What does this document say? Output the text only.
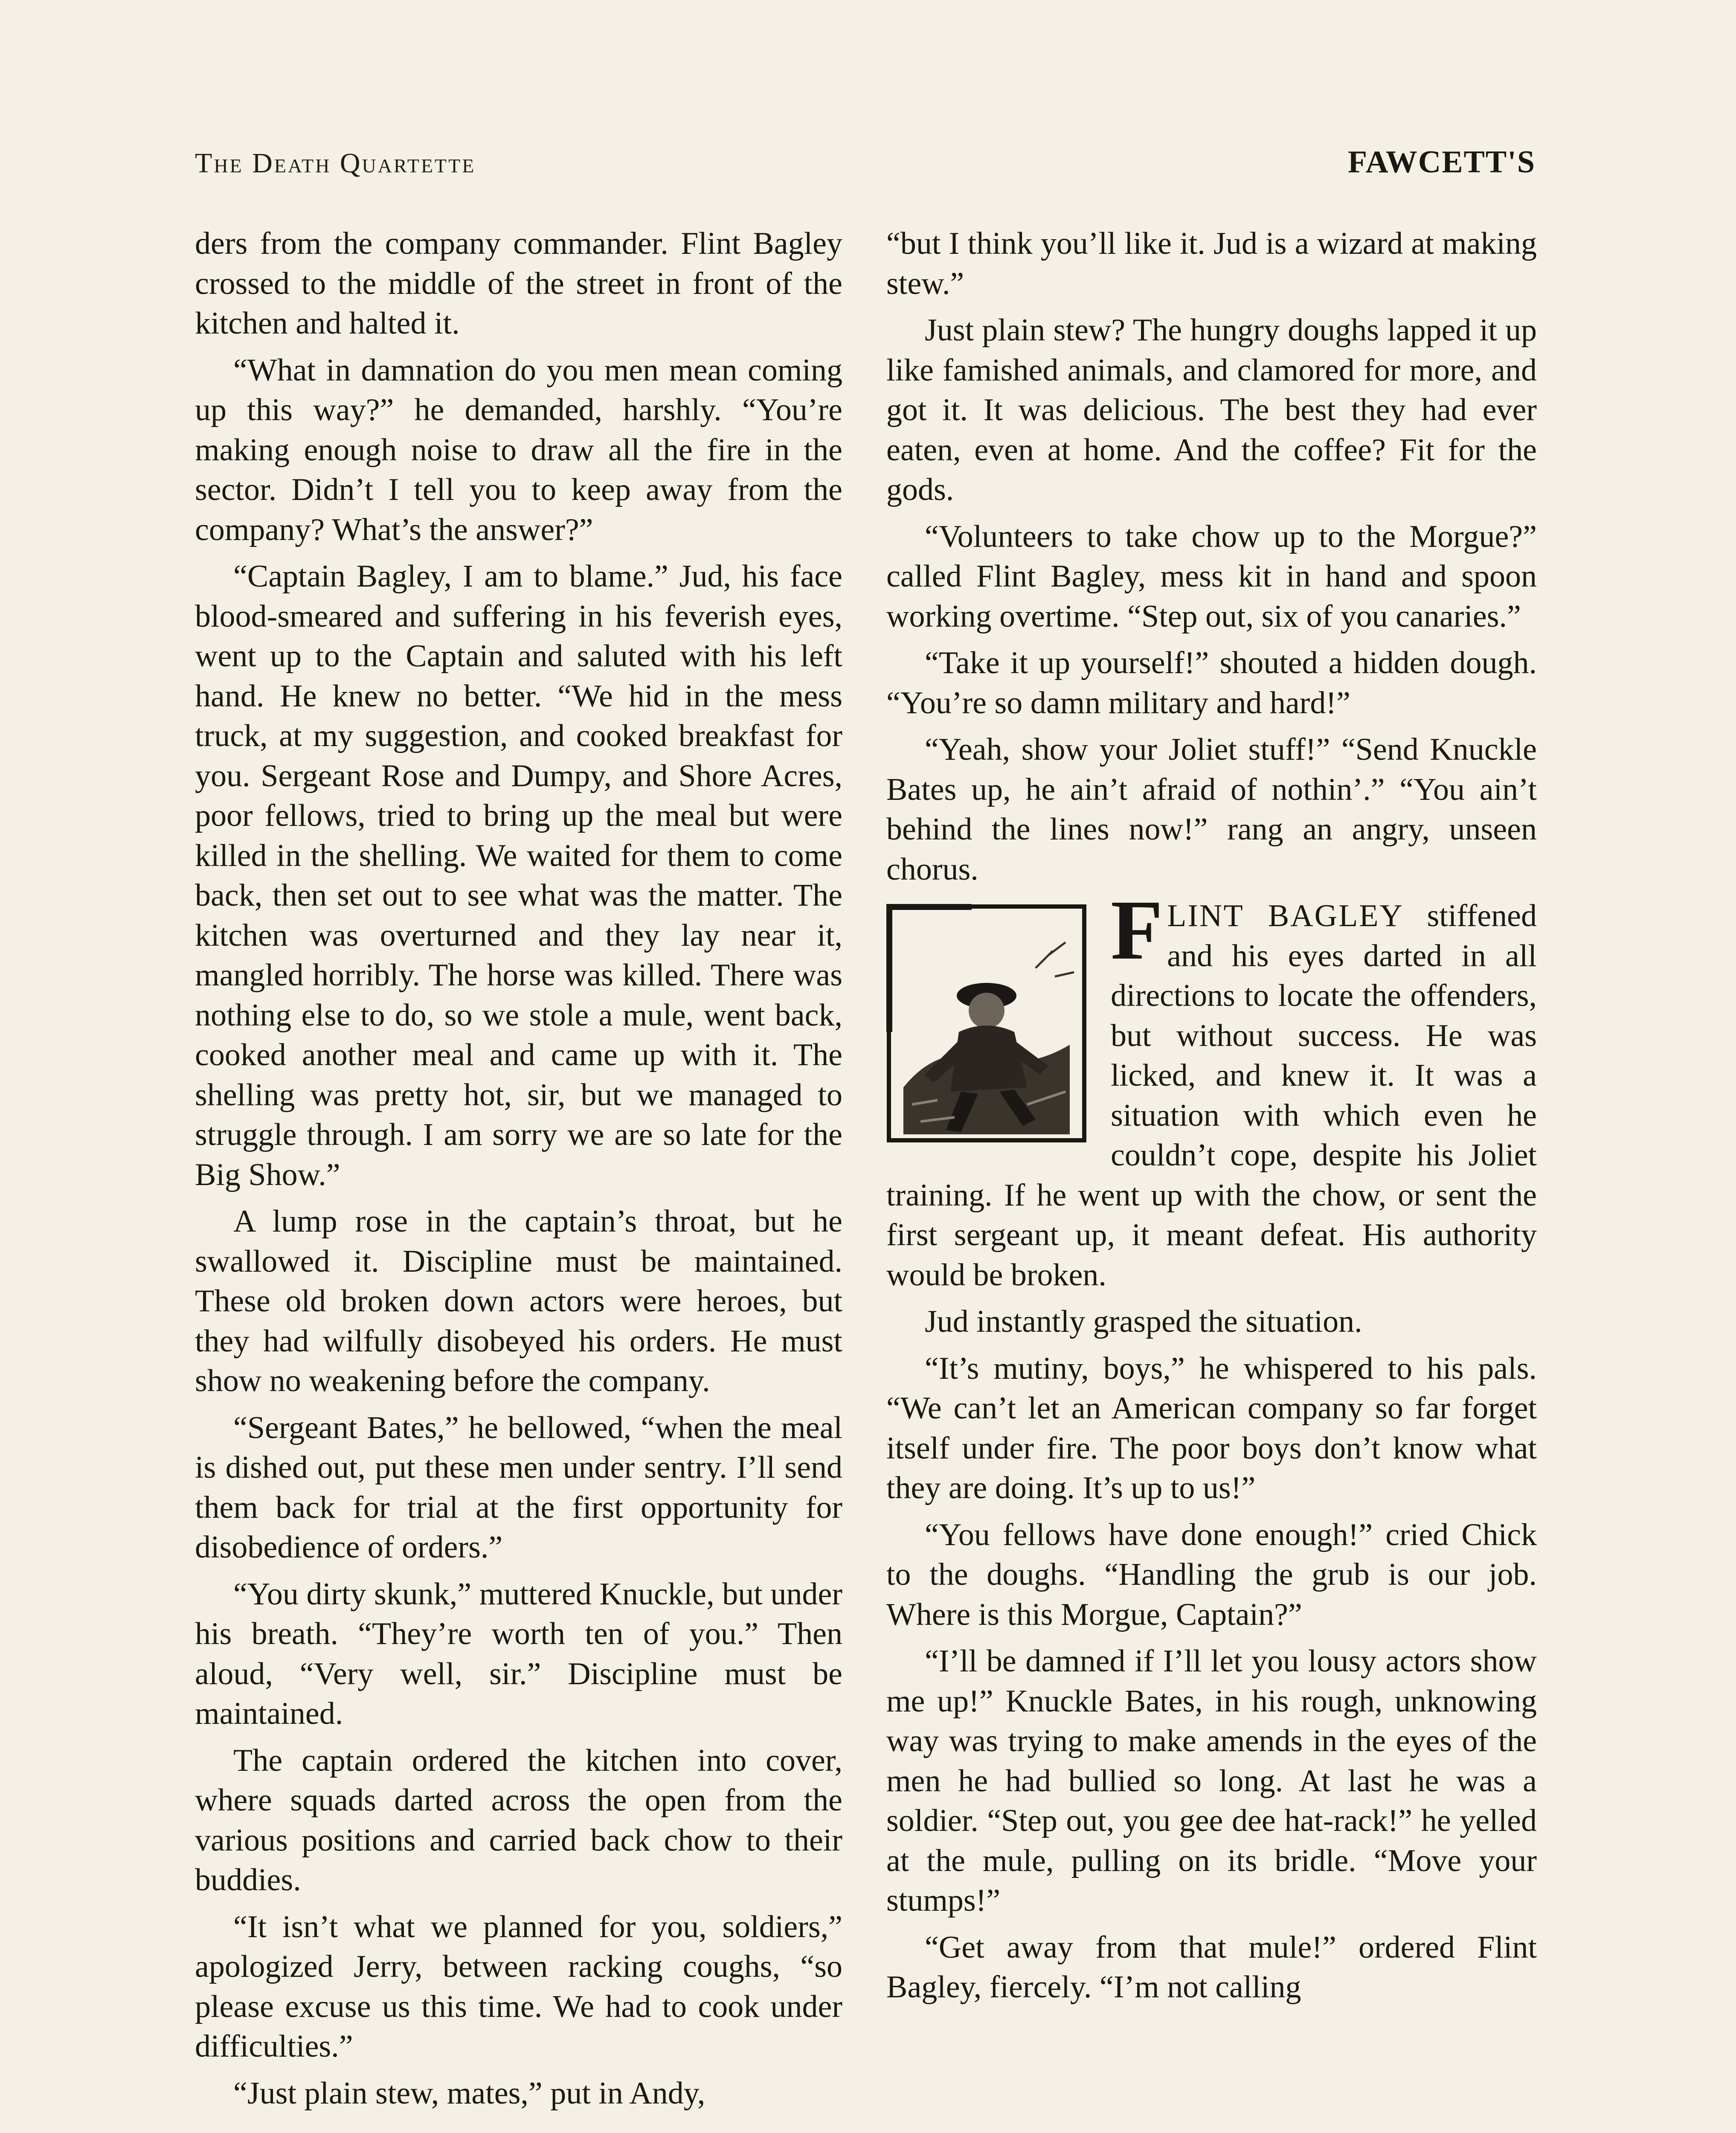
The Death Quartette	FAWCETT'S

ders from the company commander. Flint Bagley crossed to the middle of the street in front of the kitchen and halted it.

“What in damnation do you men mean coming up this way?” he demanded, harshly. “You’re making enough noise to draw all the fire in the sector. Didn’t I tell you to keep away from the company? What’s the answer?”

“Captain Bagley, I am to blame.” Jud, his face blood-smeared and suffering in his feverish eyes, went up to the Captain and saluted with his left hand. He knew no better. “We hid in the mess truck, at my suggestion, and cooked breakfast for you. Sergeant Rose and Dumpy, and Shore Acres, poor fellows, tried to bring up the meal but were killed in the shelling. We waited for them to come back, then set out to see what was the matter. The kitchen was overturned and they lay near it, mangled horribly. The horse was killed. There was nothing else to do, so we stole a mule, went back, cooked another meal and came up with it. The shelling was pretty hot, sir, but we managed to struggle through. I am sorry we are so late for the Big Show.”

A lump rose in the captain’s throat, but he swallowed it. Discipline must be maintained. These old broken down actors were heroes, but they had wilfully disobeyed his orders. He must show no weakening before the company.

“Sergeant Bates,” he bellowed, “when the meal is dished out, put these men under sentry. I’ll send them back for trial at the first opportunity for disobedience of orders.”

“You dirty skunk,” muttered Knuckle, but under his breath. “They’re worth ten of you.” Then aloud, “Very well, sir.” Discipline must be maintained.

The captain ordered the kitchen into cover, where squads darted across the open from the various positions and carried back chow to their buddies.

“It isn’t what we planned for you, soldiers,” apologized Jerry, between racking coughs, “so please excuse us this time. We had to cook under difficulties.”

“Just plain stew, mates,” put in Andy,

“but I think you’ll like it. Jud is a wizard at making stew.”

Just plain stew? The hungry doughs lapped it up like famished animals, and clamored for more, and got it. It was delicious. The best they had ever eaten, even at home. And the coffee? Fit for the gods.

“Volunteers to take chow up to the Morgue?” called Flint Bagley, mess kit in hand and spoon working overtime. “Step out, six of you canaries.”

“Take it up yourself!” shouted a hidden dough. “You’re so damn military and hard!”

“Yeah, show your Joliet stuff!” “Send Knuckle Bates up, he ain’t afraid of nothin’.” “You ain’t behind the lines now!” rang an angry, unseen chorus.

FLINT BAGLEY stiffened and his eyes darted in all directions to locate the offenders, but without success. He was licked, and knew it. It was a situation with which even he couldn’t cope, despite his Joliet training. If he went up with the chow, or sent the first sergeant up, it meant defeat. His authority would be broken.

Jud instantly grasped the situation.

“It’s mutiny, boys,” he whispered to his pals. “We can’t let an American company so far forget itself under fire. The poor boys don’t know what they are doing. It’s up to us!”

“You fellows have done enough!” cried Chick to the doughs. “Handling the grub is our job. Where is this Morgue, Captain?”

“I’ll be damned if I’ll let you lousy actors show me up!” Knuckle Bates, in his rough, unknowing way was trying to make amends in the eyes of the men he had bullied so long. At last he was a soldier. “Step out, you gee dee hat-rack!” he yelled at the mule, pulling on its bridle. “Move your stumps!”

“Get away from that mule!” ordered Flint Bagley, fiercely. “I’m not calling
